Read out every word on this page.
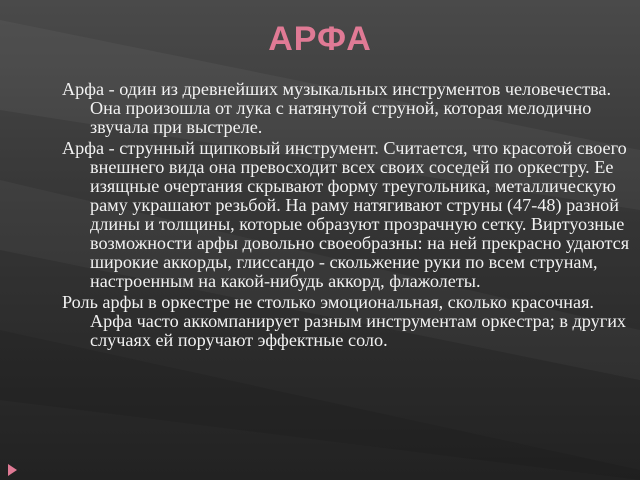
АРФА

Арфа - один из древнейших музыкальных инструментов человечества. Она произошла от лука с натянутой струной, которая мелодично звучала при выстреле.

Арфа - струнный щипковый инструмент. Считается, что красотой своего внешнего вида она превосходит всех своих соседей по оркестру. Ее изящные очертания скрывают форму треугольника, металлическую раму украшают резьбой. На раму натягивают струны (47-48) разной длины и толщины, которые образуют прозрачную сетку. Виртуозные возможности арфы довольно своеобразны: на ней прекрасно удаются широкие аккорды, глиссандо - скольжение руки по всем струнам, настроенным на какой-нибудь аккорд, флажолеты.

Роль арфы в оркестре не столько эмоциональная, сколько красочная. Арфа часто аккомпанирует разным инструментам оркестра; в других случаях ей поручают эффектные соло.
